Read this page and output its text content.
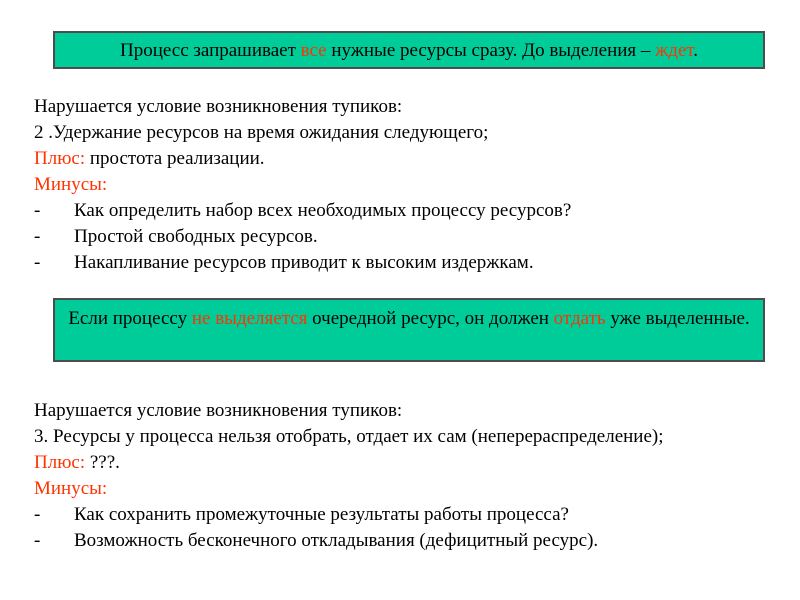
Процесс запрашивает все нужные ресурсы сразу. До выделения – ждет.
Нарушается условие возникновения тупиков:
2 .Удержание ресурсов на время ожидания следующего;
Плюс: простота реализации.
Минусы:
-	Как определить набор всех необходимых процессу ресурсов?
-	Простой свободных ресурсов.
-	Накапливание ресурсов приводит к высоким издержкам.
Если процессу не выделяется очередной ресурс, он должен отдать уже выделенные.
Нарушается условие возникновения тупиков:
3. Ресурсы у процесса нельзя отобрать, отдает их сам (неперераспределение);
Плюс: ???.
Минусы:
-	Как сохранить промежуточные результаты работы процесса?
-	Возможность бесконечного откладывания (дефицитный ресурс).
